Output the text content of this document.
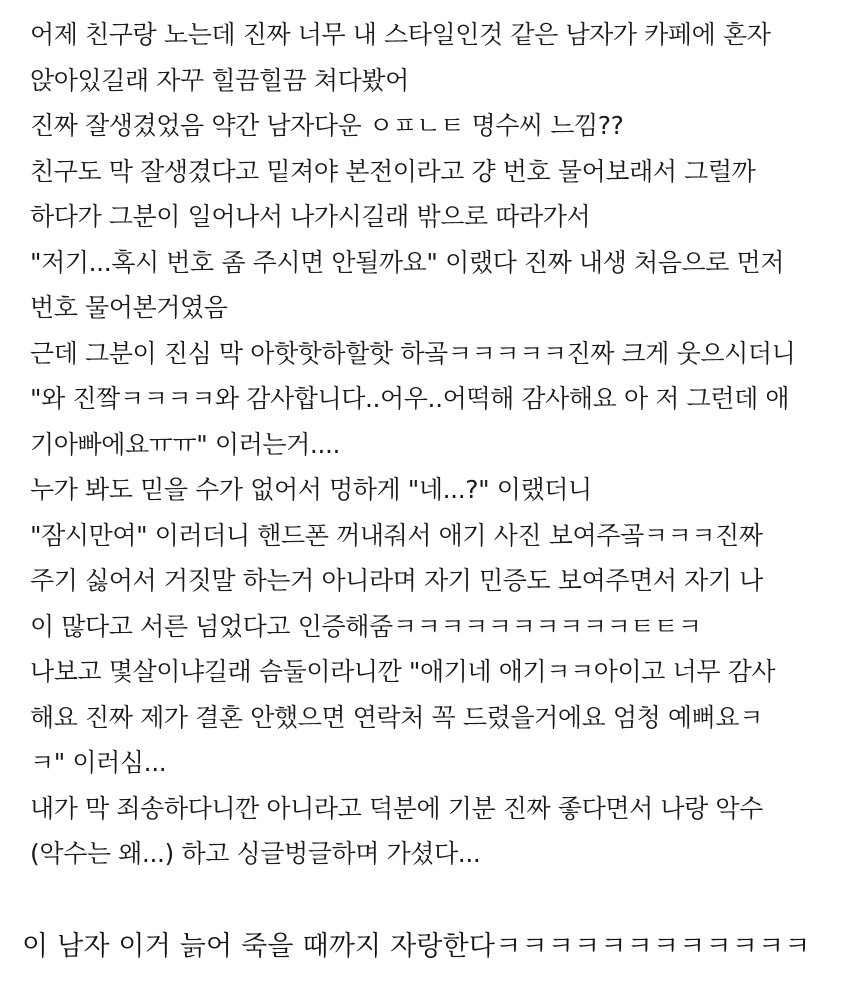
어제 친구랑 노는데 진짜 너무 내 스타일인것 같은 남자가 카페에 혼자
앉아있길래 자꾸 힐끔힐끔 쳐다봤어
진짜 잘생겼었음 약간 남자다운 ㅇㅍㄴㅌ 명수씨 느낌??
친구도 막 잘생겼다고 밑져야 본전이라고 걍 번호 물어보래서 그럴까
하다가 그분이 일어나서 나가시길래 밖으로 따라가서
"저기...혹시 번호 좀 주시면 안될까요" 이랬다 진짜 내생 처음으로 먼저
번호 물어본거였음
근데 그분이 진심 막 아핫핫하할핫 하곸ㅋㅋㅋㅋㅋ진짜 크게 웃으시더니
"와 진짴ㅋㅋㅋㅋ와 감사합니다..어우..어떡해 감사해요 아 저 그런데 애
기아빠에요ㅠㅠ" 이러는거....
누가 봐도 믿을 수가 없어서 멍하게 "네...?" 이랬더니
"잠시만여" 이러더니 핸드폰 꺼내줘서 애기 사진 보여주곸ㅋㅋㅋ진짜
주기 싫어서 거짓말 하는거 아니라며 자기 민증도 보여주면서 자기 나
이 많다고 서른 넘었다고 인증해줌ㅋㅋㅋㅋㅋㅋㅋㅋㅋㅋㅌㅌㅋ
나보고 몇살이냐길래 슴둘이라니깐 "애기네 애기ㅋㅋ아이고 너무 감사
해요 진짜 제가 결혼 안했으면 연락처 꼭 드렸을거에요 엄청 예뻐요ㅋ
ㅋ" 이러심...
내가 막 죄송하다니깐 아니라고 덕분에 기분 진짜 좋다면서 나랑 악수
(악수는 왜...) 하고 싱글벙글하며 가셨다...
이 남자 이거 늙어 죽을 때까지 자랑한다ㅋㅋㅋㅋㅋㅋㅋㅋㅋㅋㅋㅋ
